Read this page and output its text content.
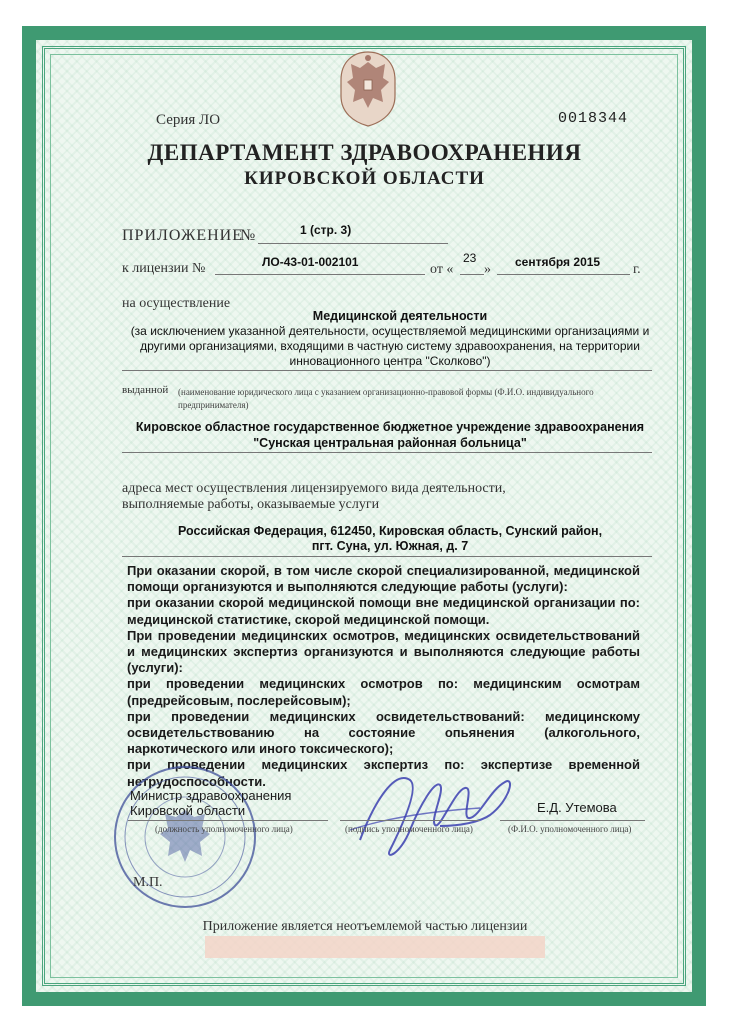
Серия ЛО	0018344
ДЕПАРТАМЕНТ ЗДРАВООХРАНЕНИЯ
КИРОВСКОЙ ОБЛАСТИ
ПРИЛОЖЕНИЕ
№	1 (стр. 3)
к лицензии №	ЛО-43-01-002101	от «
23
» сентября 2015 г.
на осуществление
Медицинской деятельности
(за исключением указанной деятельности, осуществляемой медицинскими организациями и другими организациями, входящими в частную систему здравоохранения, на территории инновационного центра "Сколково")
выданной (наименование юридического лица с указанием организационно-правовой формы (Ф.И.О. индивидуального предпринимателя)
Кировское областное государственное бюджетное учреждение здравоохранения
"Сунская центральная районная больница"
адреса мест осуществления лицензируемого вида деятельности, выполняемые работы, оказываемые услуги
Российская Федерация, 612450, Кировская область, Сунский район,
пгт. Суна, ул. Южная, д. 7
При оказании скорой, в том числе скорой специализированной, медицинской помощи организуются и выполняются следующие работы (услуги):
при оказании скорой медицинской помощи вне медицинской организации по: медицинской статистике, скорой медицинской помощи.
При проведении медицинских осмотров, медицинских освидетельствований и медицинских экспертиз организуются и выполняются следующие работы (услуги):
при проведении медицинских осмотров по: медицинским осмотрам (предрейсовым, послерейсовым);
при проведении медицинских освидетельствований: медицинскому освидетельствованию на состояние опьянения (алкогольного, наркотического или иного токсического);
при проведении медицинских экспертиз по: экспертизе временной нетрудоспособности.
Министр здравоохранения
Кировской области
(должность уполномоченного лица)	(подпись уполномоченного лица)
Е.Д. Утемова
(Ф.И.О. уполномоченного лица)
М.П.
Приложение является неотъемлемой частью лицензии
